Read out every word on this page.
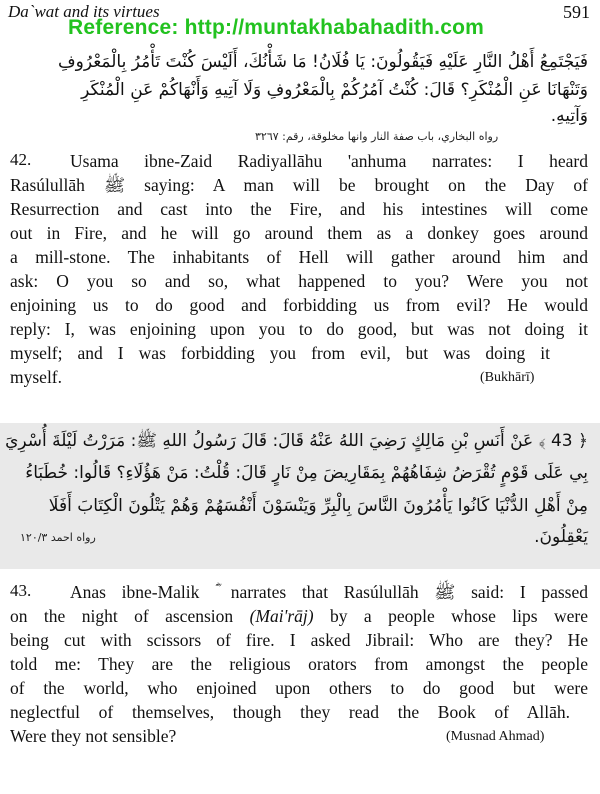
Da`wat and its virtues	591
Reference: http://muntakhabahadith.com
فَيَجْتَمِعُ أَهْلُ النَّارِ عَلَيْهِ فَيَقُولُونَ: يَا فُلَانُ! مَا شَأْنُكَ، أَلَيْسَ كُنْتَ تَأْمُرُ بِالْمَعْرُوفِ
وَتَنْهَانَا عَنِ الْمُنْكَرِ؟ قَالَ: كُنْتُ آمُرُكُمْ بِالْمَعْرُوفِ وَلَا آتِيهِ وَأَنْهَاكُمْ عَنِ الْمُنْكَرِ
وَآتِيهِ.
رواه البخاري، باب صفة النار وانها مخلوقة، رقم: ٣٢٦٧
42. Usama ibne-Zaid Radiyallāhu 'anhuma narrates: I heard
Rasúlullāh ﷺ saying: A man will be brought on the Day of
Resurrection and cast into the Fire, and his intestines will come
out in Fire, and he will go around them as a donkey goes around
a mill-stone. The inhabitants of Hell will gather around him and
ask: O you so and so, what happened to you? Were you not
enjoining us to do good and forbidding us from evil? He would
reply: I, was enjoining upon you to do good, but was not doing it
myself; and I was forbidding you from evil, but was doing it
myself.	(Bukhārī)
﴿ 43 ﴾ عَنْ أَنَسِ بْنِ مَالِكٍ رَضِيَ اللهُ عَنْهُ قَالَ: قَالَ رَسُولُ اللهِ ﷺ: مَرَرْتُ لَيْلَةَ أُسْرِيَ
بِي عَلَى قَوْمٍ تُقْرَضُ شِفَاهُهُمْ بِمَقَارِيضَ مِنْ نَارٍ قَالَ: قُلْتُ: مَنْ هَؤُلَاءِ؟ قَالُوا: خُطَبَاءُ
مِنْ أَهْلِ الدُّنْيَا كَانُوا يَأْمُرُونَ النَّاسَ بِالْبِرِّ وَيَنْسَوْنَ أَنْفُسَهُمْ وَهُمْ يَتْلُونَ الْكِتَابَ أَفَلَا
يَعْقِلُونَ.
رواه احمد ١٢٠/٣
43. Anas ibne-Malik ؓ narrates that Rasúlullāh ﷺ said: I passed
on the night of ascension (Mai'rāj) by a people whose lips were
being cut with scissors of fire. I asked Jibrail: Who are they? He
told me: They are the religious orators from amongst the people
of the world, who enjoined upon others to do good but were
neglectful of themselves, though they read the Book of Allāh.
Were they not sensible?	(Musnad Ahmad)
